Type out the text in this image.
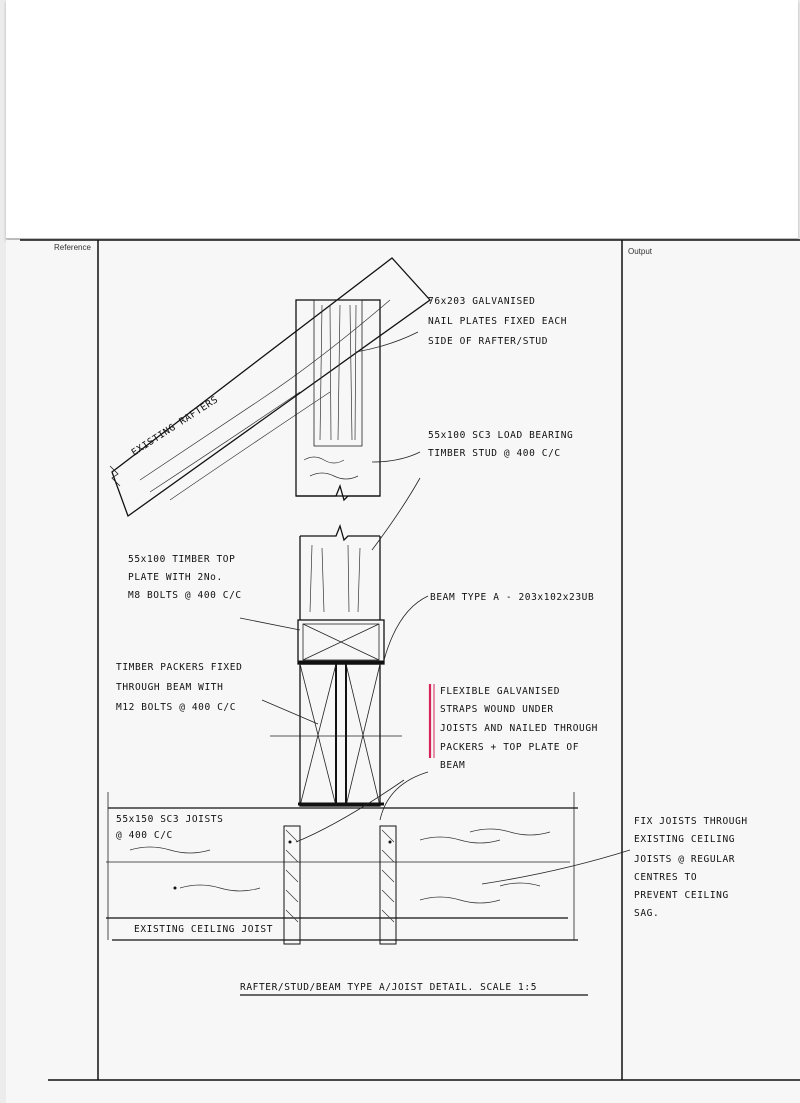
Reference	Output
EXISTING RAFTERS
76x203 GALVANISED
NAIL PLATES FIXED EACH
SIDE OF RAFTER/STUD
55x100 SC3 LOAD BEARING
TIMBER STUD @ 400 C/C
55x100 TIMBER TOP
PLATE WITH 2No.
M8 BOLTS @ 400 C/C	BEAM TYPE A - 203x102x23UB
TIMBER PACKERS FIXED
THROUGH BEAM WITH
M12 BOLTS @ 400 C/C
FLEXIBLE GALVANISED
STRAPS WOUND UNDER
JOISTS AND NAILED THROUGH
PACKERS + TOP PLATE OF
BEAM
55x150 SC3 JOISTS
@ 400 C/C
EXISTING CEILING JOIST
FIX JOISTS THROUGH
EXISTING CEILING
JOISTS @ REGULAR
CENTRES TO
PREVENT CEILING
SAG.
RAFTER/STUD/BEAM TYPE A/JOIST DETAIL. SCALE 1:5
